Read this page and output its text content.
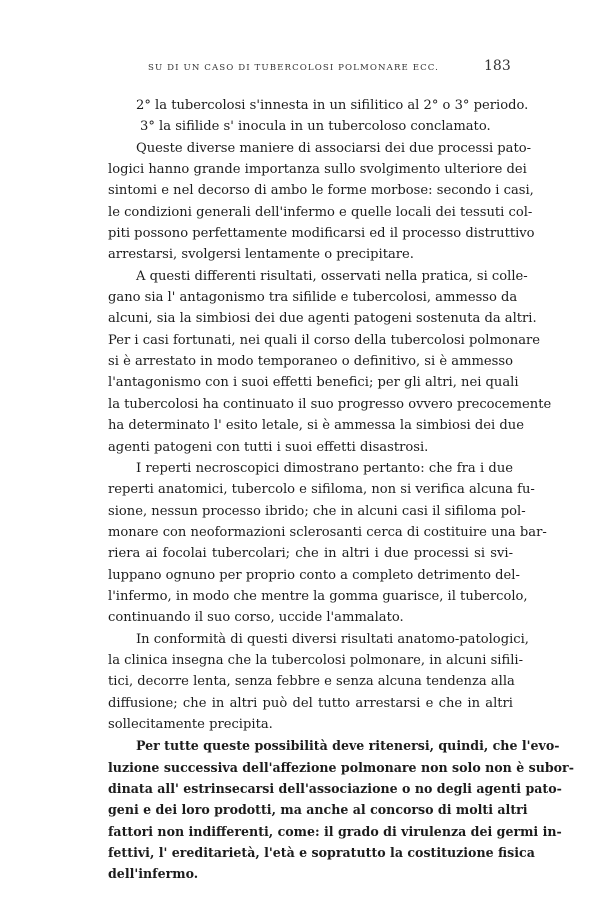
SU DI UN CASO DI TUBERCOLOSI POLMONARE ECC.	183
2° la tubercolosi s'innesta in un sifilitico al 2° o 3° periodo.
3° la sifilide s' inocula in un tubercoloso conclamato.
Queste diverse maniere di associarsi dei due processi pato-
logici hanno grande importanza sullo svolgimento ulteriore dei
sintomi e nel decorso di ambo le forme morbose: secondo i casi,
le condizioni generali dell'infermo e quelle locali dei tessuti col-
piti possono perfettamente modificarsi ed il processo distruttivo
arrestarsi, svolgersi lentamente o precipitare.
A questi differenti risultati, osservati nella pratica, si colle-
gano sia l' antagonismo tra sifilide e tubercolosi, ammesso da
alcuni, sia la simbiosi dei due agenti patogeni sostenuta da altri.
Per i casi fortunati, nei quali il corso della tubercolosi polmonare
si è arrestato in modo temporaneo o definitivo, si è ammesso
l'antagonismo con i suoi effetti benefici; per gli altri, nei quali
la tubercolosi ha continuato il suo progresso ovvero precocemente
ha determinato l' esito letale, si è ammessa la simbiosi dei due
agenti patogeni con tutti i suoi effetti disastrosi.
I reperti necroscopici dimostrano pertanto: che fra i due
reperti anatomici, tubercolo e sifiloma, non si verifica alcuna fu-
sione, nessun processo ibrido; che in alcuni casi il sifiloma pol-
monare con neoformazioni sclerosanti cerca di costituire una bar-
riera ai focolai tubercolari; che in altri i due processi si svi-
luppano ognuno per proprio conto a completo detrimento del-
l'infermo, in modo che mentre la gomma guarisce, il tubercolo,
continuando il suo corso, uccide l'ammalato.
In conformità di questi diversi risultati anatomo-patologici,
la clinica insegna che la tubercolosi polmonare, in alcuni sifili-
tici, decorre lenta, senza febbre e senza alcuna tendenza alla
diffusione; che in altri può del tutto arrestarsi e che in altri
sollecitamente precipita.
Per tutte queste possibilità deve ritenersi, quindi, che l'evo-
luzione successiva dell'affezione polmonare non solo non è subor-
dinata all' estrinsecarsi dell'associazione o no degli agenti pato-
geni e dei loro prodotti, ma anche al concorso di molti altri
fattori non indifferenti, come: il grado di virulenza dei germi in-
fettivi, l' ereditarietà, l'età e sopratutto la costituzione fisica
dell'infermo.
